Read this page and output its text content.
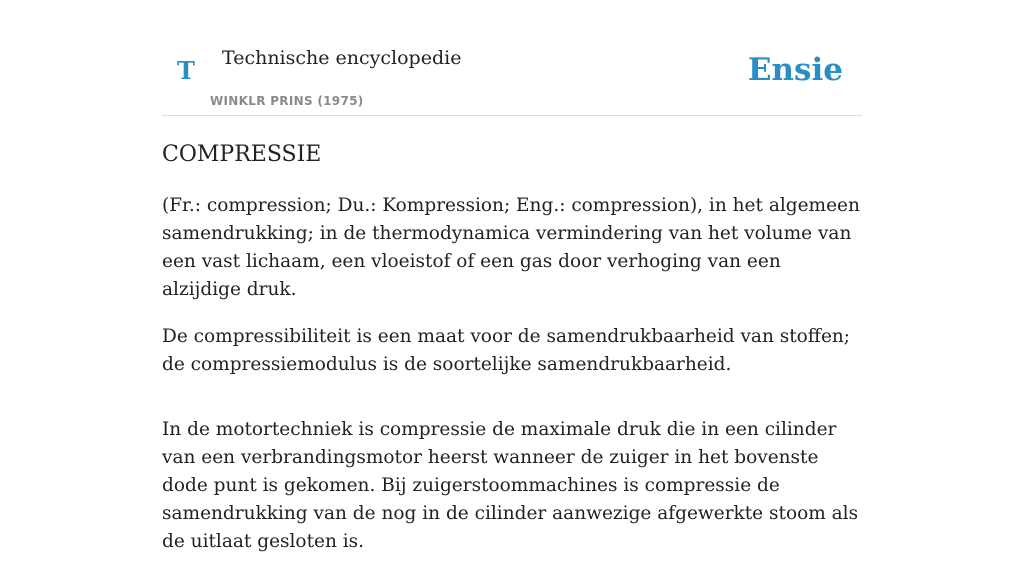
T Technische encyclopedie
WINKLR PRINS (1975)
Ensie
COMPRESSIE

(Fr.: compression; Du.: Kompression; Eng.: compression), in het algemeen samendrukking; in de thermodynamica vermindering van het volume van een vast lichaam, een vloeistof of een gas door verhoging van een alzijdige druk.

De compressibiliteit is een maat voor de samendrukbaarheid van stoffen; de compressiemodulus is de soortelijke samendrukbaarheid.

In de motortechniek is compressie de maximale druk die in een cilinder van een verbrandingsmotor heerst wanneer de zuiger in het bovenste dode punt is gekomen. Bij zuigerstoommachines is compressie de samendrukking van de nog in de cilinder aanwezige afgewerkte stoom als de uitlaat gesloten is.
